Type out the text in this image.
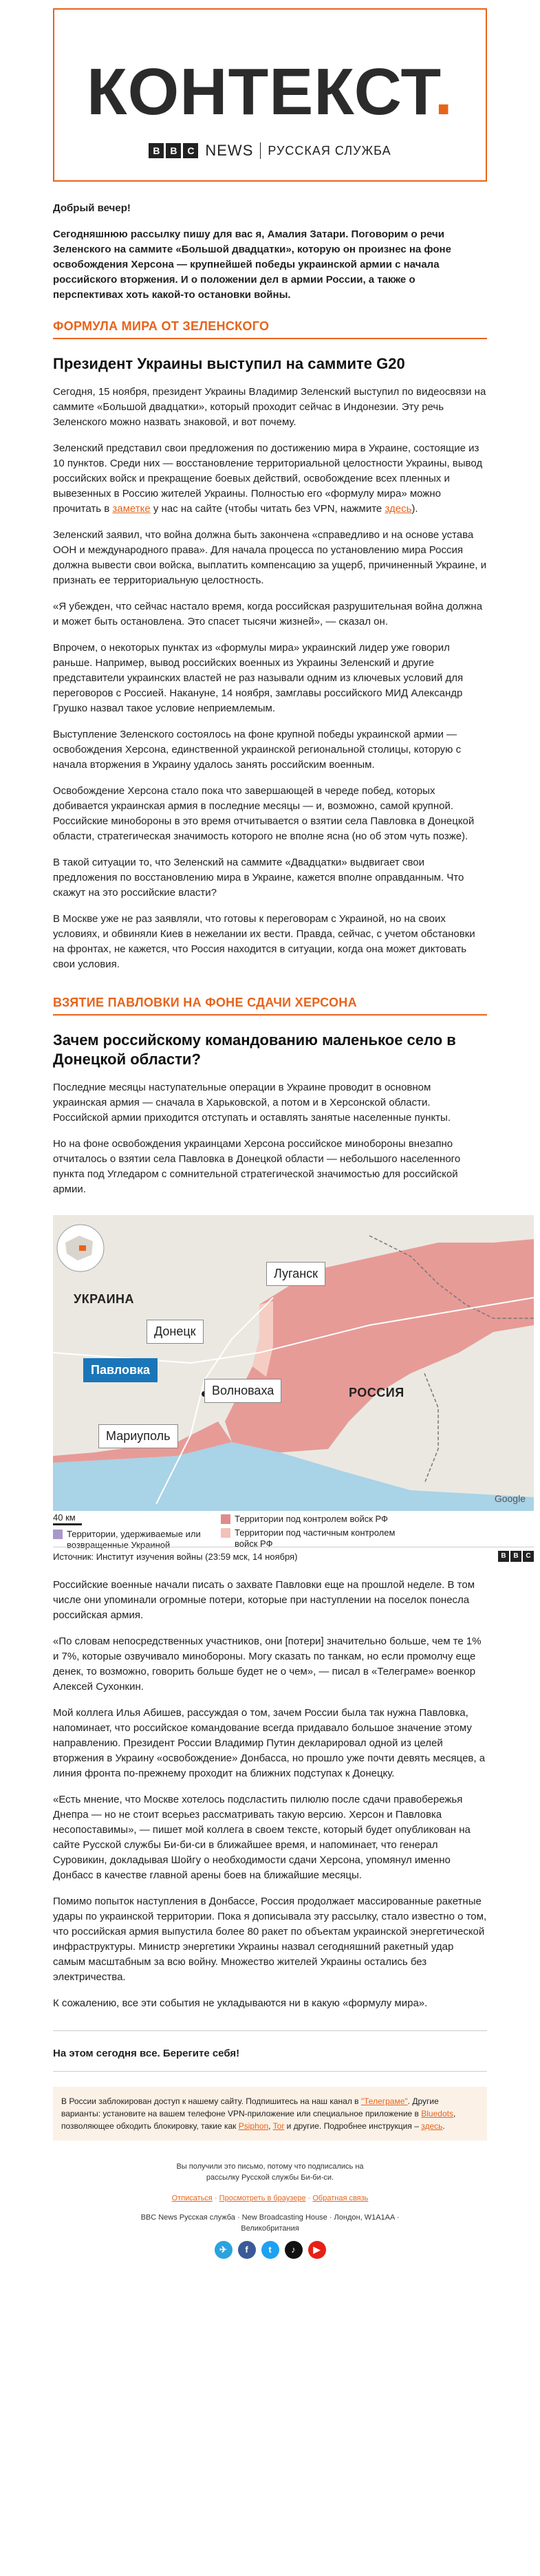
КОНТЕКСТ.
B	B	C NEWS РУССКАЯ СЛУЖБА

Добрый вечер!

Сегодняшнюю рассылку пишу для вас я, Амалия Затари. Поговорим о речи Зеленского на саммите «Большой двадцатки», которую он произнес на фоне освобождения Херсона — крупнейшей победы украинской армии с начала российского вторжения. И о положении дел в армии России, а также о перспективах хоть какой-то остановки войны.

ФОРМУЛА МИРА ОТ ЗЕЛЕНСКОГО
Президент Украины выступил на саммите G20

Сегодня, 15 ноября, президент Украины Владимир Зеленский выступил по видеосвязи на саммите «Большой двадцатки», который проходит сейчас в Индонезии. Эту речь Зеленского можно назвать знаковой, и вот почему.

Зеленский представил свои предложения по достижению мира в Украине, состоящие из 10 пунктов. Среди них — восстановление территориальной целостности Украины, вывод российских войск и прекращение боевых действий, освобождение всех пленных и вывезенных в Россию жителей Украины. Полностью его «формулу мира» можно прочитать в заметке у нас на сайте (чтобы читать без VPN, нажмите здесь).

Зеленский заявил, что война должна быть закончена «справедливо и на основе устава ООН и международного права». Для начала процесса по установлению мира Россия должна вывести свои войска, выплатить компенсацию за ущерб, причиненный Украине, и признать ее территориальную целостность.

«Я убежден, что сейчас настало время, когда российская разрушительная война должна и может быть остановлена. Это спасет тысячи жизней», — сказал он.

Впрочем, о некоторых пунктах из «формулы мира» украинский лидер уже говорил раньше. Например, вывод российских военных из Украины Зеленский и другие представители украинских властей не раз называли одним из ключевых условий для переговоров с Россией. Накануне, 14 ноября, замглавы российского МИД Александр Грушко назвал такое условие неприемлемым.

Выступление Зеленского состоялось на фоне крупной победы украинской армии — освобождения Херсона, единственной украинской региональной столицы, которую с начала вторжения в Украину удалось занять российским военным.

Освобождение Херсона стало пока что завершающей в череде побед, которых добивается украинская армия в последние месяцы — и, возможно, самой крупной. Российские минобороны в это время отчитывается о взятии села Павловка в Донецкой области, стратегическая значимость которого не вполне ясна (но об этом чуть позже).

В такой ситуации то, что Зеленский на саммите «Двадцатки» выдвигает свои предложения по восстановлению мира в Украине, кажется вполне оправданным. Что скажут на это российские власти?

В Москве уже не раз заявляли, что готовы к переговорам с Украиной, но на своих условиях, и обвиняли Киев в нежелании их вести. Правда, сейчас, с учетом обстановки на фронтах, не кажется, что Россия находится в ситуации, когда она может диктовать свои условия.

ВЗЯТИЕ ПАВЛОВКИ НА ФОНЕ СДАЧИ ХЕРСОНА
Зачем российскому командованию маленькое село в Донецкой области?

Последние месяцы наступательные операции в Украине проводит в основном украинская армия — сначала в Харьковской, а потом и в Херсонской области. Российской армии приходится отступать и оставлять занятые населенные пункты.

Но на фоне освобождения украинцами Херсона российское минобороны внезапно отчиталось о взятии села Павловка в Донецкой области — небольшого населенного пункта под Угледаром с сомнительной стратегической значимостью для российской армии.

Луганск
Донецк
Павловка
Волноваха
Мариуполь
УКРАИНА
РОССИЯ
Google
40 км
Территории, удерживаемые или возвращенные Украиной
Территории под контролем войск РФ
Территории под частичным контролем войск РФ
Источник: Институт изучения войны (23:59 мск, 14 ноября)	B	B	C

Российские военные начали писать о захвате Павловки еще на прошлой неделе. В том числе они упоминали огромные потери, которые при наступлении на поселок понесла российская армия.

«По словам непосредственных участников, они [потери] значительно больше, чем те 1% и 7%, которые озвучивало минобороны. Могу сказать по танкам, но если промолчу еще денек, то возможно, говорить больше будет не о чем», — писал в «Телеграме» военкор Алексей Сухонкин.

Мой коллега Илья Абишев, рассуждая о том, зачем России была так нужна Павловка, напоминает, что российское командование всегда придавало большое значение этому направлению. Президент России Владимир Путин декларировал одной из целей вторжения в Украину «освобождение» Донбасса, но прошло уже почти девять месяцев, а линия фронта по-прежнему проходит на ближних подступах к Донецку.

«Есть мнение, что Москве хотелось подсластить пилюлю после сдачи правобережья Днепра — но не стоит всерьез рассматривать такую версию. Херсон и Павловка несопоставимы», — пишет мой коллега в своем тексте, который будет опубликован на сайте Русской службы Би-би-си в ближайшее время, и напоминает, что генерал Суровикин, докладывая Шойгу о необходимости сдачи Херсона, упомянул именно Донбасс в качестве главной арены боев на ближайшие месяцы.

Помимо попыток наступления в Донбассе, Россия продолжает массированные ракетные удары по украинской территории. Пока я дописывала эту рассылку, стало известно о том, что российская армия выпустила более 80 ракет по объектам украинской энергетической инфраструктуры. Министр энергетики Украины назвал сегодняшний ракетный удар самым масштабным за всю войну. Множество жителей Украины остались без электричества.

К сожалению, все эти события не укладываются ни в какую «формулу мира».

На этом сегодня все. Берегите себя!

В России заблокирован доступ к нашему сайту. Подпишитесь на наш канал в "Телеграме". Другие варианты: установите на вашем телефоне VPN-приложение или специальное приложение в Bluedots, позволяющее обходить блокировку, такие как Psiphon, Tor и другие. Подробнее инструкция – здесь.
Вы получили это письмо, потому что подписались на рассылку Русской службы Би-би-си.
Отписаться · Просмотреть в браузере · Обратная связь
BBC News Русская служба · New Broadcasting House · Лондон, W1A1AA · Великобритания
✈	f	t	♪	▶
